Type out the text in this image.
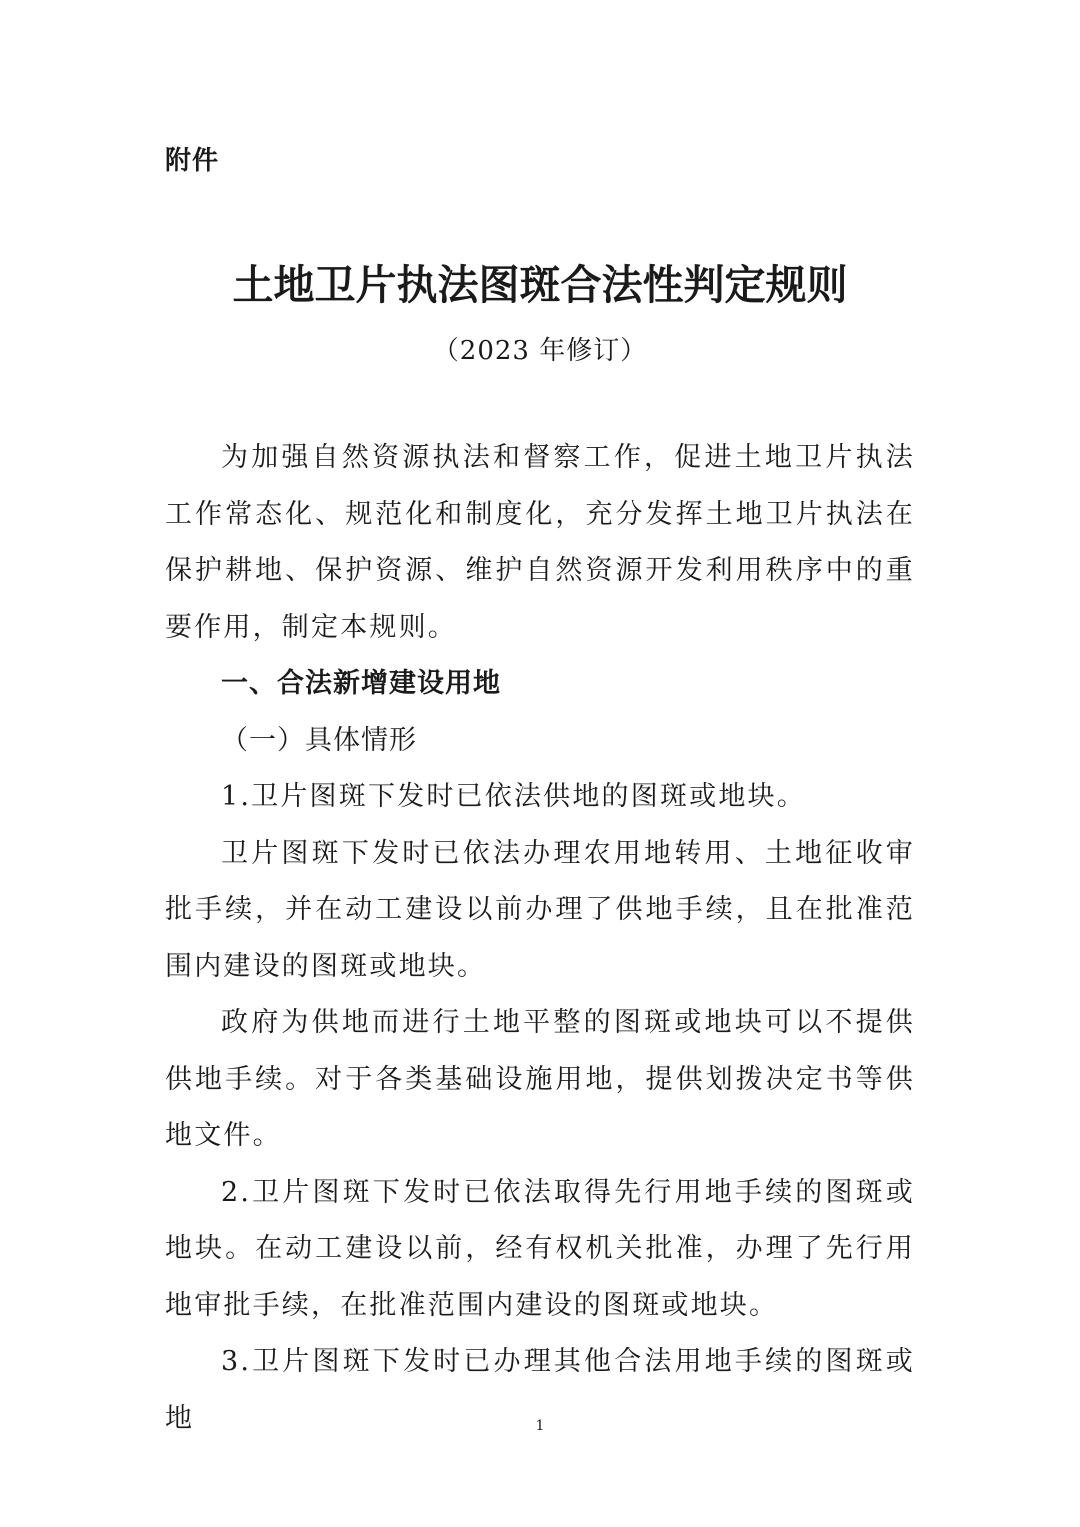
附件

土地卫片执法图斑合法性判定规则

（2023 年修订）

为加强自然资源执法和督察工作，促进土地卫片执法工作常态化、规范化和制度化，充分发挥土地卫片执法在保护耕地、保护资源、维护自然资源开发利用秩序中的重要作用，制定本规则。

一、合法新增建设用地

（一）具体情形

1.卫片图斑下发时已依法供地的图斑或地块。

卫片图斑下发时已依法办理农用地转用、土地征收审批手续，并在动工建设以前办理了供地手续，且在批准范围内建设的图斑或地块。

政府为供地而进行土地平整的图斑或地块可以不提供供地手续。对于各类基础设施用地，提供划拨决定书等供地文件。

2.卫片图斑下发时已依法取得先行用地手续的图斑或地块。在动工建设以前，经有权机关批准，办理了先行用地审批手续，在批准范围内建设的图斑或地块。

3.卫片图斑下发时已办理其他合法用地手续的图斑或地	1
